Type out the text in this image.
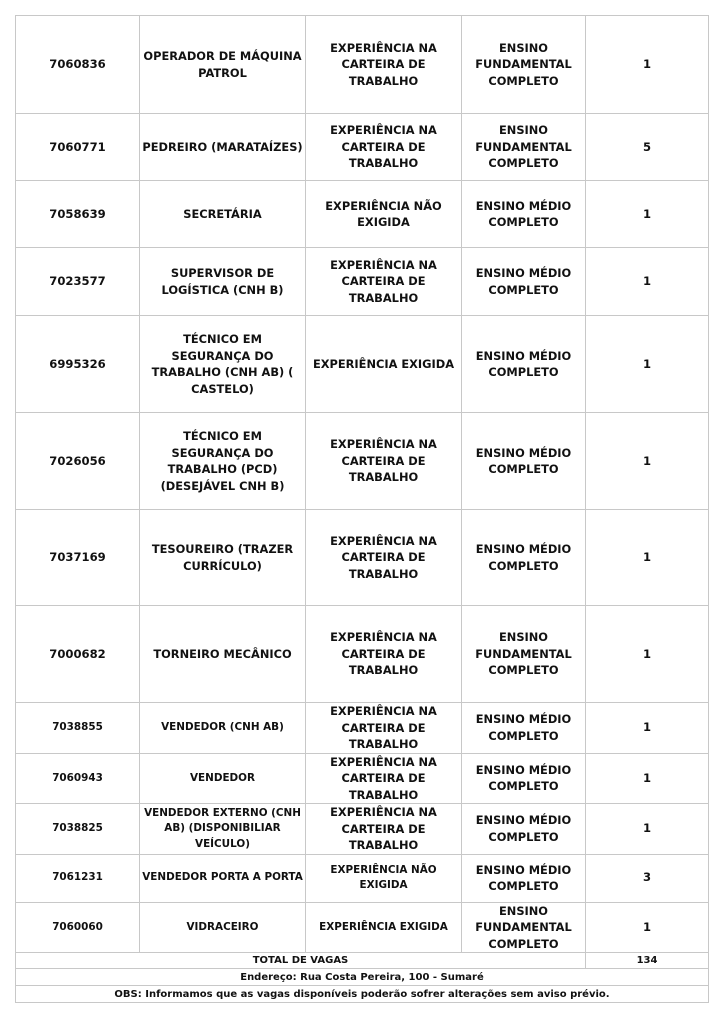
7060836	OPERADOR DE MÁQUINA PATROL	EXPERIÊNCIA NA CARTEIRA DE TRABALHO	ENSINO FUNDAMENTAL COMPLETO	1
7060771	PEDREIRO (MARATAÍZES)	EXPERIÊNCIA NA CARTEIRA DE TRABALHO	ENSINO FUNDAMENTAL COMPLETO	5
7058639	SECRETÁRIA	EXPERIÊNCIA NÃO EXIGIDA	ENSINO MÉDIO COMPLETO	1
7023577	SUPERVISOR DE LOGÍSTICA (CNH B)	EXPERIÊNCIA NA CARTEIRA DE TRABALHO	ENSINO MÉDIO COMPLETO	1
6995326	TÉCNICO EM SEGURANÇA DO TRABALHO (CNH AB) ( CASTELO)	EXPERIÊNCIA EXIGIDA	ENSINO MÉDIO COMPLETO	1
7026056	TÉCNICO EM SEGURANÇA DO TRABALHO (PCD) (DESEJÁVEL CNH B)	EXPERIÊNCIA NA CARTEIRA DE TRABALHO	ENSINO MÉDIO COMPLETO	1
7037169	TESOUREIRO (TRAZER CURRÍCULO)	EXPERIÊNCIA NA CARTEIRA DE TRABALHO	ENSINO MÉDIO COMPLETO	1
7000682	TORNEIRO MECÂNICO	EXPERIÊNCIA NA CARTEIRA DE TRABALHO	ENSINO FUNDAMENTAL COMPLETO	1
7038855	VENDEDOR (CNH AB)	EXPERIÊNCIA NA CARTEIRA DE TRABALHO	ENSINO MÉDIO COMPLETO	1
7060943	VENDEDOR	EXPERIÊNCIA NA CARTEIRA DE TRABALHO	ENSINO MÉDIO COMPLETO	1
7038825	VENDEDOR EXTERNO (CNH AB) (DISPONIBILIAR VEÍCULO)	EXPERIÊNCIA NA CARTEIRA DE TRABALHO	ENSINO MÉDIO COMPLETO	1
7061231	VENDEDOR PORTA A PORTA	EXPERIÊNCIA NÃO EXIGIDA	ENSINO MÉDIO COMPLETO	3
7060060	VIDRACEIRO	EXPERIÊNCIA EXIGIDA	ENSINO FUNDAMENTAL COMPLETO	1
TOTAL DE VAGAS				134
Endereço: Rua Costa Pereira, 100 - Sumaré				
OBS: Informamos que as vagas disponíveis poderão sofrer alterações sem aviso prévio.				
